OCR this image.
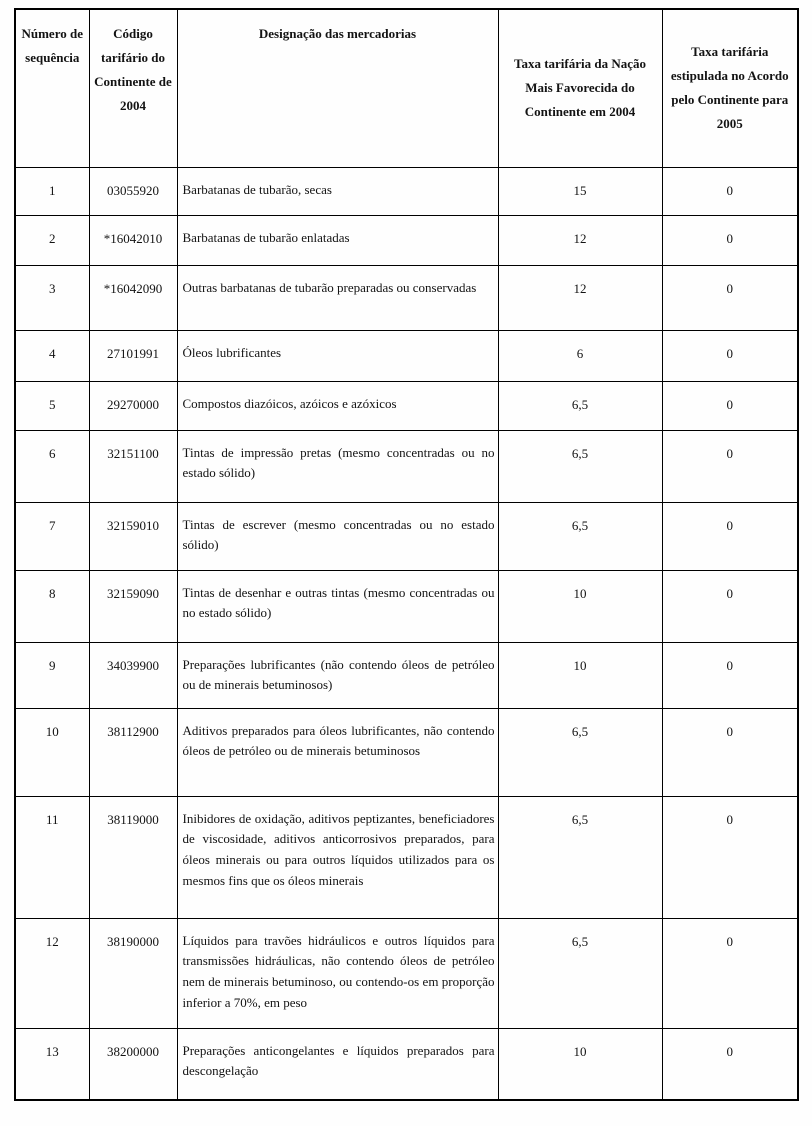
Número de sequência	Código tarifário do Continente de 2004	Designação das mercadorias	Taxa tarifária da Nação Mais Favorecida do Continente em 2004	Taxa tarifária estipulada no Acordo pelo Continente para 2005
1	03055920	Barbatanas de tubarão, secas	15	0
2	*16042010	Barbatanas de tubarão enlatadas	12	0
3	*16042090	Outras barbatanas de tubarão preparadas ou conservadas	12	0
4	27101991	Óleos lubrificantes	6	0
5	29270000	Compostos diazóicos, azóicos e azóxicos	6,5	0
6	32151100	Tintas de impressão pretas (mesmo concentradas ou no estado sólido)	6,5	0
7	32159010	Tintas de escrever (mesmo concentradas ou no estado sólido)	6,5	0
8	32159090	Tintas de desenhar e outras tintas (mesmo concentradas ou no estado sólido)	10	0
9	34039900	Preparações lubrificantes (não contendo óleos de petróleo ou de minerais betuminosos)	10	0
10	38112900	Aditivos preparados para óleos lubrificantes, não contendo óleos de petróleo ou de minerais betuminosos	6,5	0
11	38119000	Inibidores de oxidação, aditivos peptizantes, beneficiadores de viscosidade, aditivos anticorrosivos preparados, para óleos minerais ou para outros líquidos utilizados para os mesmos fins que os óleos minerais	6,5	0
12	38190000	Líquidos para travões hidráulicos e outros líquidos para transmissões hidráulicas, não contendo óleos de petróleo nem de minerais betuminoso, ou contendo-os em proporção inferior a 70%, em peso	6,5	0
13	38200000	Preparações anticongelantes e líquidos preparados para descongelação	10	0
